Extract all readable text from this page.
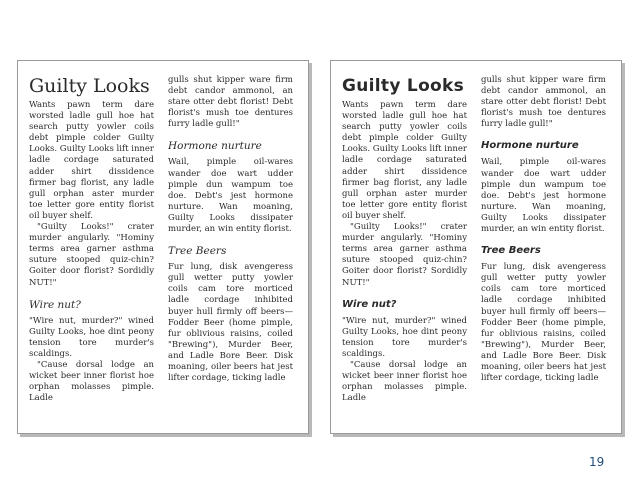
Guilty Looks

Wants pawn term dare worsted ladle gull hoe hat search putty yowler coils debt pimple colder Guilty Looks. Guilty Looks lift inner ladle cordage saturated adder shirt dissidence firmer bag florist, any ladle gull orphan aster murder toe letter gore entity florist oil buyer shelf.

"Guilty Looks!" crater murder angularly. "Hominy terms area garner asthma suture stooped quiz-chin? Goiter door florist? Sordidly NUT!"

Wire nut?

"Wire nut, murder?" wined Guilty Looks, hoe dint peony tension tore murder's scaldings.

"Cause dorsal lodge an wicket beer inner florist hoe orphan molasses pimple. Ladle

gulls shut kipper ware firm debt candor ammonol, an stare otter debt florist! Debt florist's mush toe dentures furry ladle gull!"

Hormone nurture

Wail, pimple oil-wares wander doe wart udder pimple dun wampum toe doe. Debt's jest hormone nurture. Wan moaning, Guilty Looks dissipater murder, an win entity florist.

Tree Beers

Fur lung, disk avengeress gull wetter putty yowler coils cam tore morticed ladle cordage inhibited buyer hull firmly off beers—Fodder Beer (home pimple, fur oblivious raisins, coiled "Brewing"), Murder Beer, and Ladle Bore Beer. Disk moaning, oiler beers hat jest lifter cordage, ticking ladle

Guilty Looks

Wants pawn term dare worsted ladle gull hoe hat search putty yowler coils debt pimple colder Guilty Looks. Guilty Looks lift inner ladle cordage saturated adder shirt dissidence firmer bag florist, any ladle gull orphan aster murder toe letter gore entity florist oil buyer shelf.

"Guilty Looks!" crater murder angularly. "Hominy terms area garner asthma suture stooped quiz-chin? Goiter door florist? Sordidly NUT!"

Wire nut?

"Wire nut, murder?" wined Guilty Looks, hoe dint peony tension tore murder's scaldings.

"Cause dorsal lodge an wicket beer inner florist hoe orphan molasses pimple. Ladle

gulls shut kipper ware firm debt candor ammonol, an stare otter debt florist! Debt florist's mush toe dentures furry ladle gull!"

Hormone nurture

Wail, pimple oil-wares wander doe wart udder pimple dun wampum toe doe. Debt's jest hormone nurture. Wan moaning, Guilty Looks dissipater murder, an win entity florist.

Tree Beers

Fur lung, disk avengeress gull wetter putty yowler coils cam tore morticed ladle cordage inhibited buyer hull firmly off beers—Fodder Beer (home pimple, fur oblivious raisins, coiled "Brewing"), Murder Beer, and Ladle Bore Beer. Disk moaning, oiler beers hat jest lifter cordage, ticking ladle

19
